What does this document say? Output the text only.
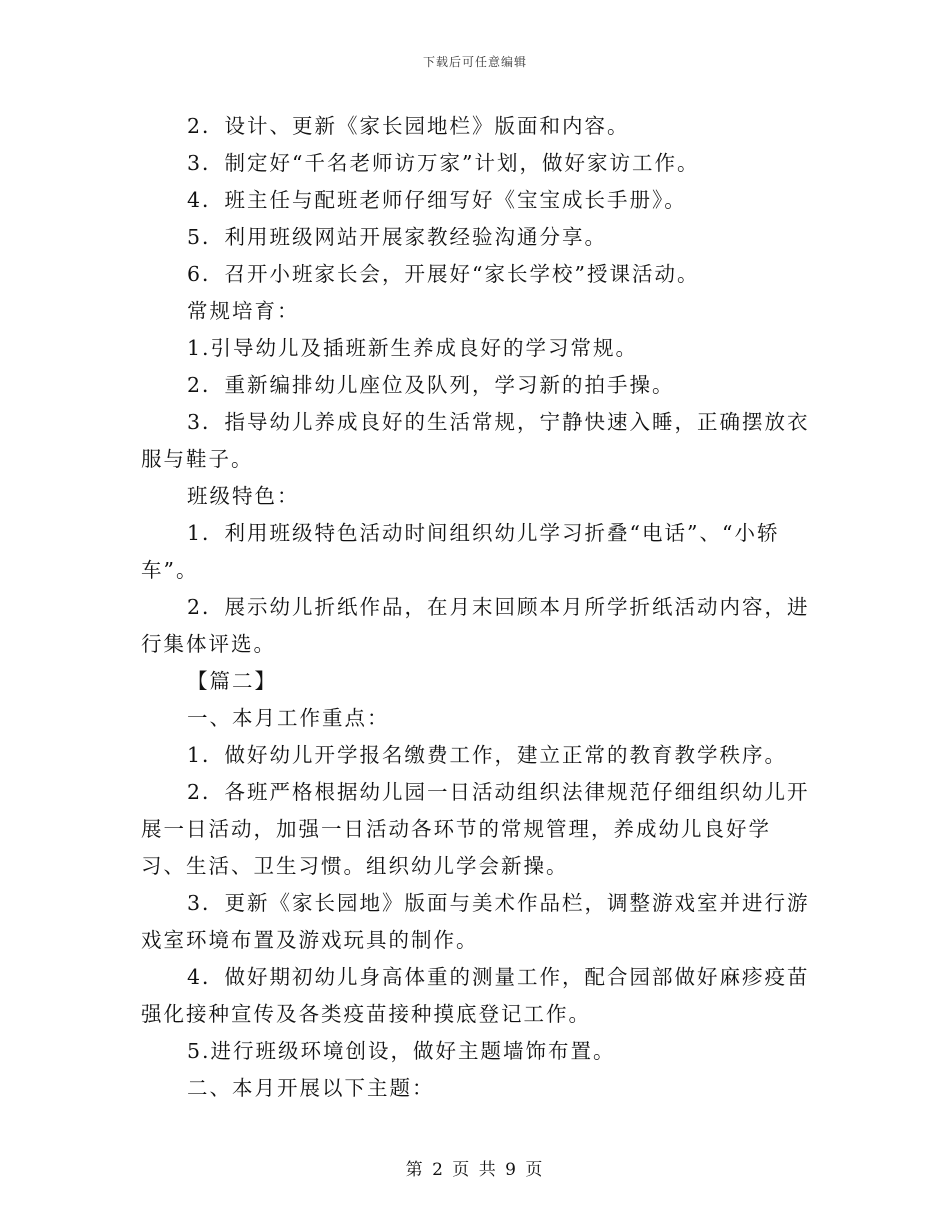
下载后可任意编辑

2．设计、更新《家长园地栏》版面和内容。

3．制定好“千名老师访万家”计划，做好家访工作。

4．班主任与配班老师仔细写好《宝宝成长手册》。

5．利用班级网站开展家教经验沟通分享。

6．召开小班家长会，开展好“家长学校”授课活动。

常规培育：

1.引导幼儿及插班新生养成良好的学习常规。

2．重新编排幼儿座位及队列，学习新的拍手操。

3．指导幼儿养成良好的生活常规，宁静快速入睡，正确摆放衣服与鞋子。

班级特色：

1．利用班级特色活动时间组织幼儿学习折叠“电话”、“小轿车”。

2．展示幼儿折纸作品，在月末回顾本月所学折纸活动内容，进行集体评选。

【篇二】

一、本月工作重点：

1．做好幼儿开学报名缴费工作，建立正常的教育教学秩序。

2．各班严格根据幼儿园一日活动组织法律规范仔细组织幼儿开展一日活动，加强一日活动各环节的常规管理，养成幼儿良好学习、生活、卫生习惯。组织幼儿学会新操。

3．更新《家长园地》版面与美术作品栏，调整游戏室并进行游戏室环境布置及游戏玩具的制作。

4．做好期初幼儿身高体重的测量工作，配合园部做好麻疹疫苗强化接种宣传及各类疫苗接种摸底登记工作。

5.进行班级环境创设，做好主题墙饰布置。

二、本月开展以下主题：

第 2 页 共 9 页
